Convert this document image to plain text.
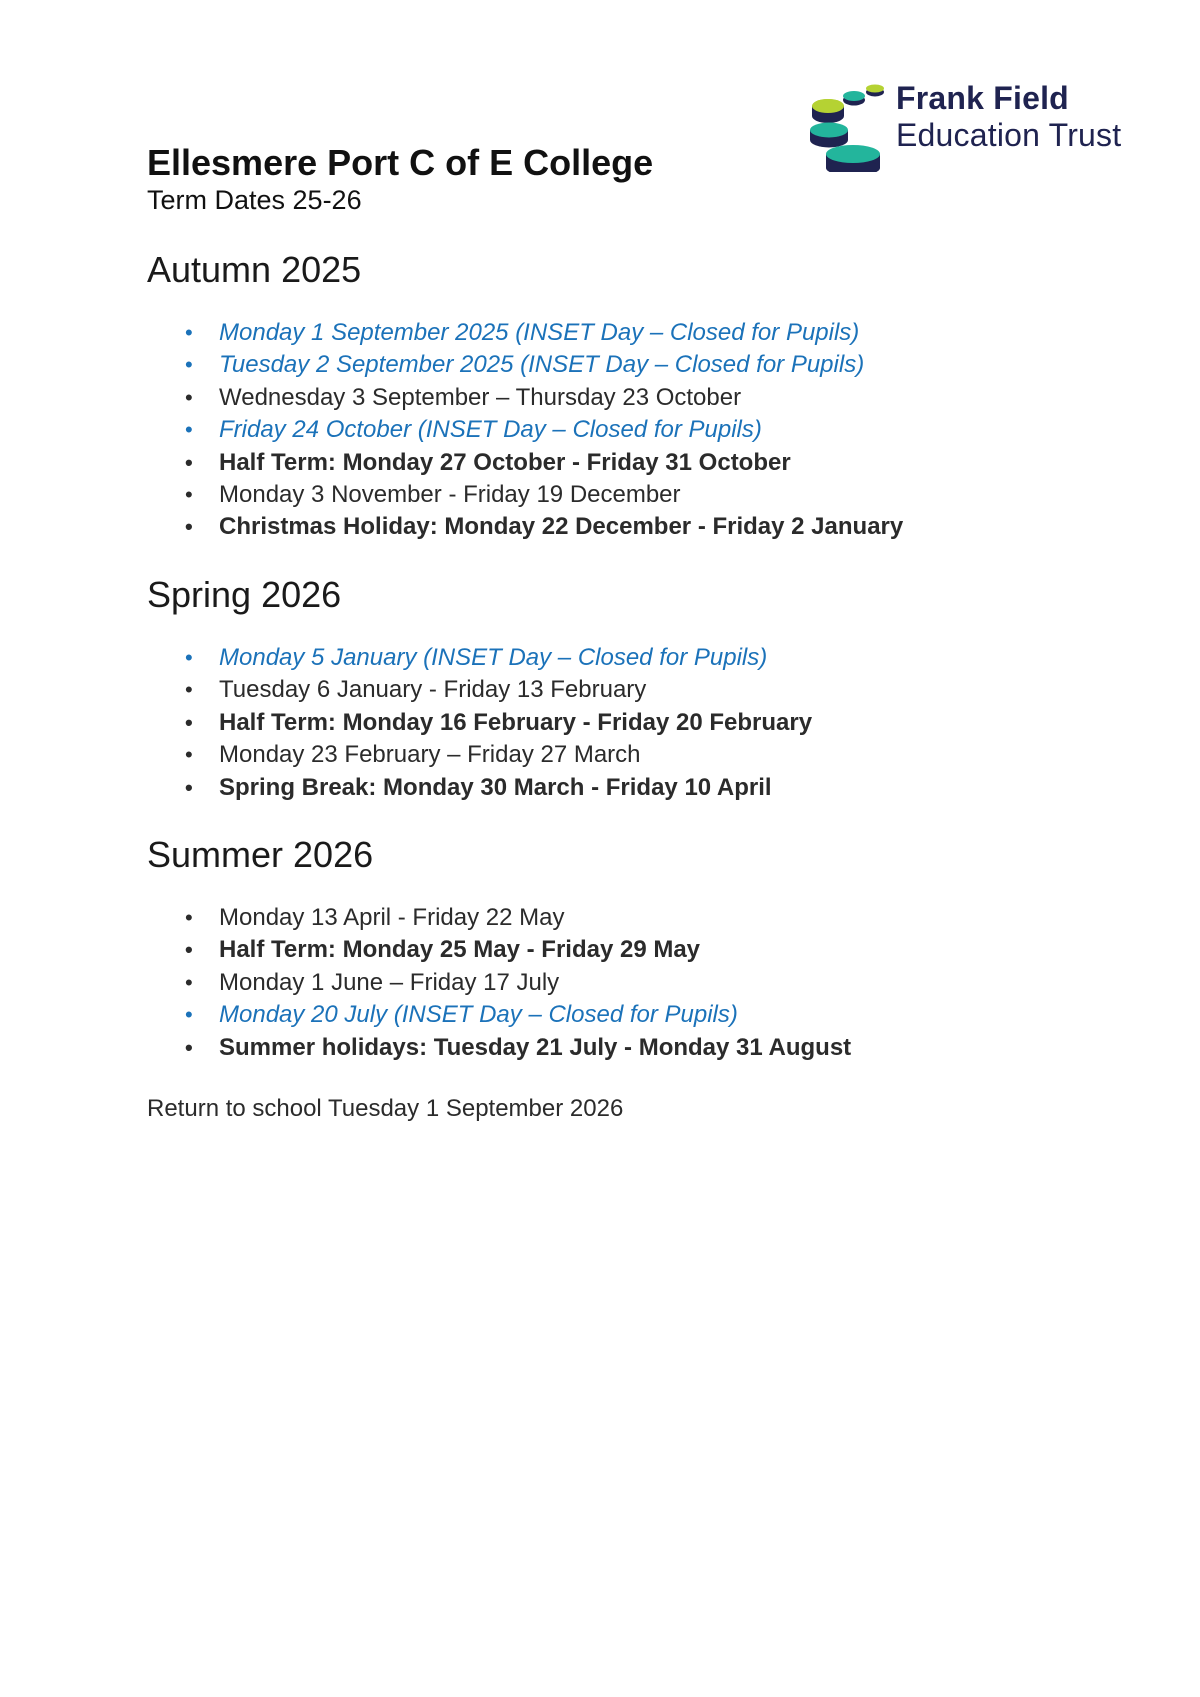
Frank Field
Education Trust
Ellesmere Port C of E College

Term Dates 25-26

Autumn 2025
• Monday 1 September 2025 (INSET Day – Closed for Pupils)
• Tuesday 2 September 2025 (INSET Day – Closed for Pupils)
• Wednesday 3 September – Thursday 23 October
• Friday 24 October (INSET Day – Closed for Pupils)
• Half Term: Monday 27 October - Friday 31 October
• Monday 3 November - Friday 19 December
• Christmas Holiday: Monday 22 December - Friday 2 January
Spring 2026
• Monday 5 January (INSET Day – Closed for Pupils)
• Tuesday 6 January - Friday 13 February
• Half Term: Monday 16 February - Friday 20 February
• Monday 23 February – Friday 27 March
• Spring Break: Monday 30 March - Friday 10 April
Summer 2026
• Monday 13 April - Friday 22 May
• Half Term: Monday 25 May - Friday 29 May
• Monday 1 June – Friday 17 July
• Monday 20 July (INSET Day – Closed for Pupils)
• Summer holidays: Tuesday 21 July - Monday 31 August
Return to school Tuesday 1 September 2026
